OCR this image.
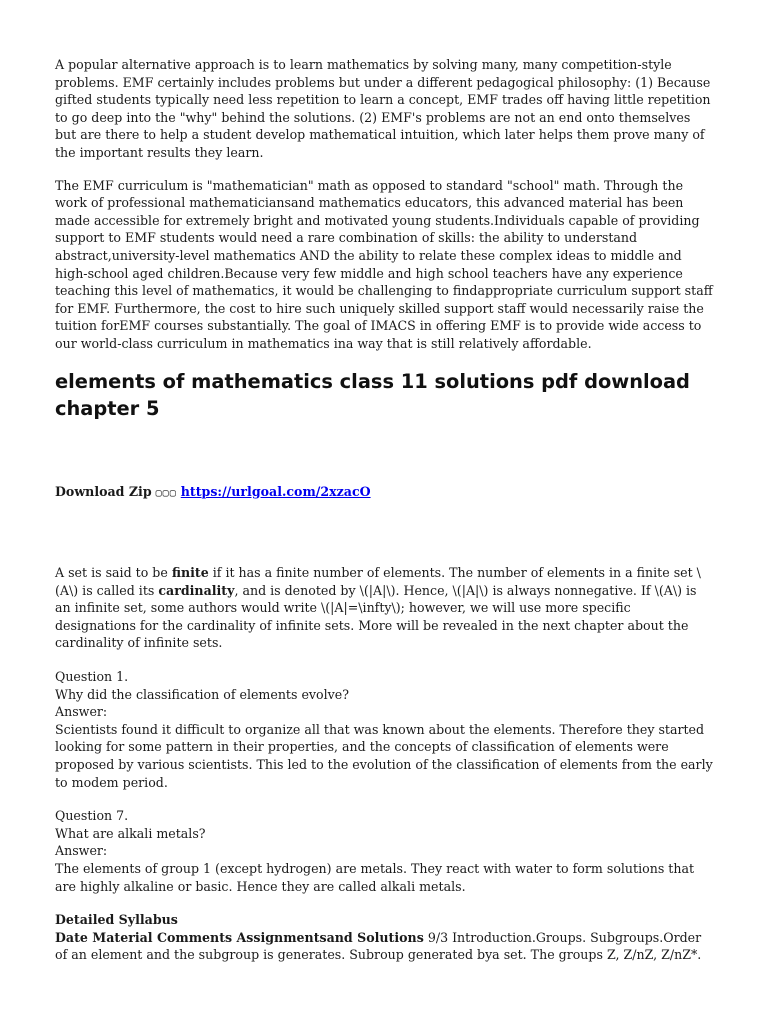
A popular alternative approach is to learn mathematics by solving many, many competition-style problems. EMF certainly includes problems but under a different pedagogical philosophy: (1) Because gifted students typically need less repetition to learn a concept, EMF trades off having little repetition to go deep into the "why" behind the solutions. (2) EMF's problems are not an end onto themselves but are there to help a student develop mathematical intuition, which later helps them prove many of the important results they learn.

The EMF curriculum is "mathematician" math as opposed to standard "school" math. Through the work of professional mathematiciansand mathematics educators, this advanced material has been made accessible for extremely bright and motivated young students.Individuals capable of providing support to EMF students would need a rare combination of skills: the ability to understand abstract,university-level mathematics AND the ability to relate these complex ideas to middle and high-school aged children.Because very few middle and high school teachers have any experience teaching this level of mathematics, it would be challenging to findappropriate curriculum support staff for EMF. Furthermore, the cost to hire such uniquely skilled support staff would necessarily raise the tuition forEMF courses substantially. The goal of IMACS in offering EMF is to provide wide access to our world-class curriculum in mathematics ina way that is still relatively affordable.

elements of mathematics class 11 solutions pdf download chapter 5

Download Zip ▢▢▢ https://urlgoal.com/2xzacO

A set is said to be finite if it has a finite number of elements. The number of elements in a finite set \(A\) is called its cardinality, and is denoted by \(|A|\). Hence, \(|A|\) is always nonnegative. If \(A\) is an infinite set, some authors would write \(|A|=\infty\); however, we will use more specific designations for the cardinality of infinite sets. More will be revealed in the next chapter about the cardinality of infinite sets.

Question 1.
Why did the classification of elements evolve?
Answer:
Scientists found it difficult to organize all that was known about the elements. Therefore they started looking for some pattern in their properties, and the concepts of classification of elements were proposed by various scientists. This led to the evolution of the classification of elements from the early to modem period.

Question 7.
What are alkali metals?
Answer:
The elements of group 1 (except hydrogen) are metals. They react with water to form solutions that are highly alkaline or basic. Hence they are called alkali metals.

Detailed Syllabus
Date Material Comments Assignmentsand Solutions 9/3 Introduction.Groups. Subgroups.Order of an element and the subgroup is generates. Subroup generated bya set. The groups Z, Z/nZ, Z/nZ*.
